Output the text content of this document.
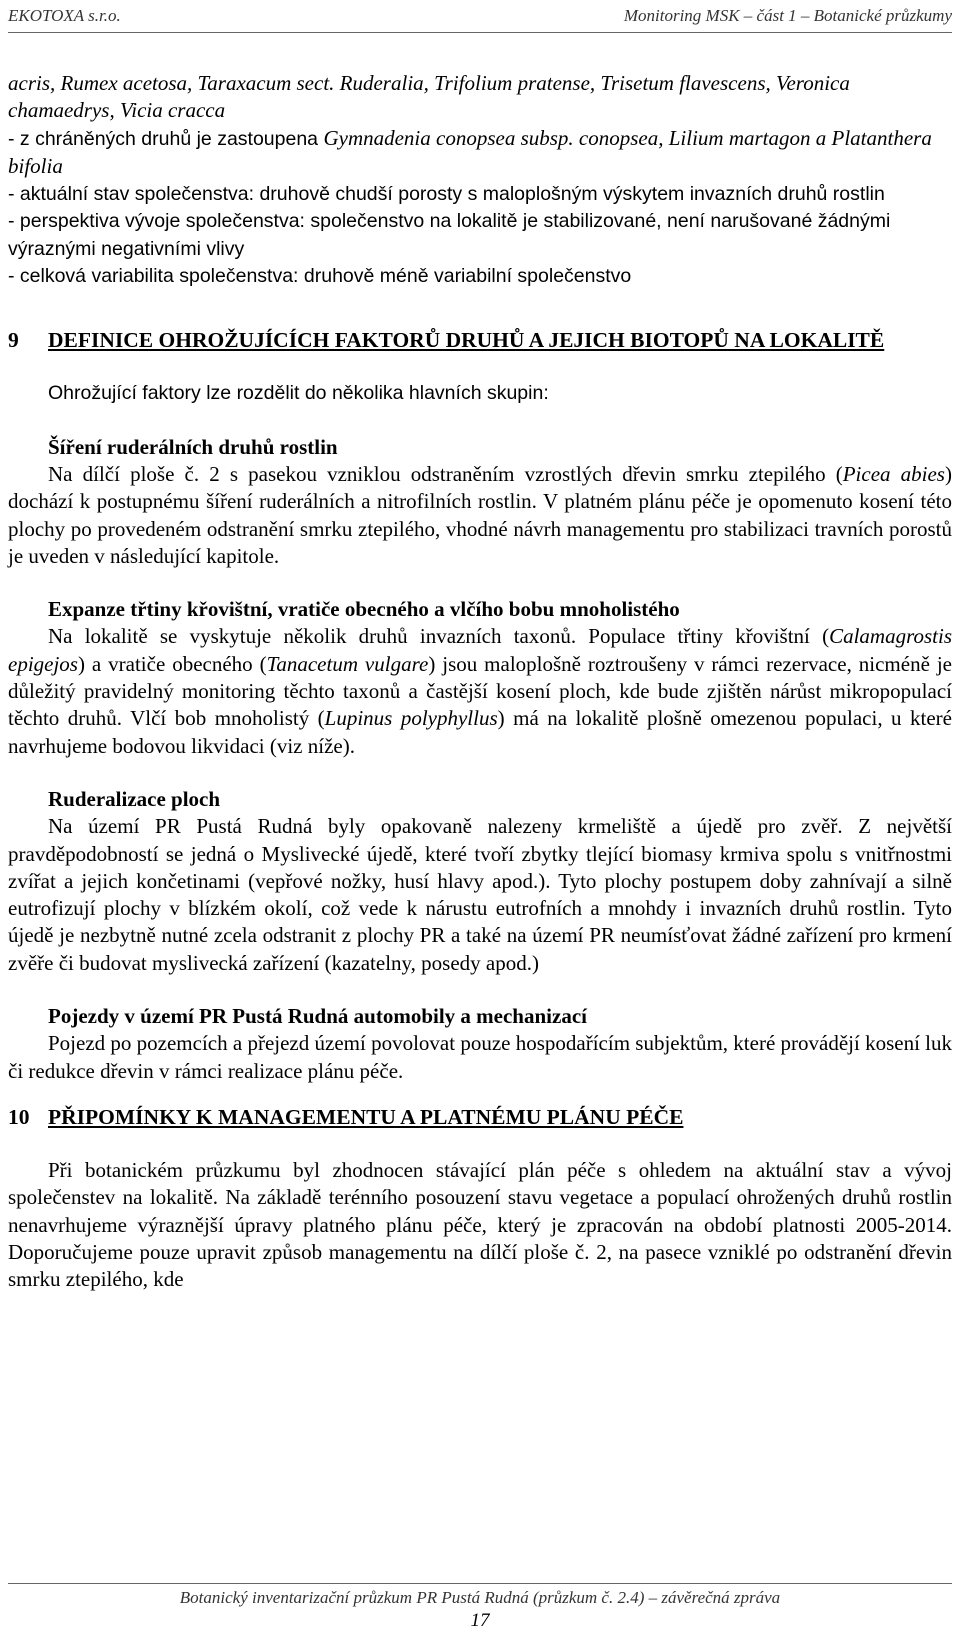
EKOTOXA s.r.o.	Monitoring MSK – část 1 – Botanické průzkumy

acris, Rumex acetosa, Taraxacum sect. Ruderalia, Trifolium pratense, Trisetum flavescens, Veronica chamaedrys, Vicia cracca

- z chráněných druhů je zastoupena Gymnadenia conopsea subsp. conopsea, Lilium martagon a Platanthera bifolia

- aktuální stav společenstva: druhově chudší porosty s maloplošným výskytem invazních druhů rostlin

- perspektiva vývoje společenstva: společenstvo na lokalitě je stabilizované, není narušované žádnými výraznými negativními vlivy

- celková variabilita společenstva: druhově méně variabilní společenstvo

9	DEFINICE OHROŽUJÍCÍCH FAKTORŮ DRUHŮ A JEJICH BIOTOPŮ NA LOKALITĚ

Ohrožující faktory lze rozdělit do několika hlavních skupin:

Šíření ruderálních druhů rostlin

Na dílčí ploše č. 2 s pasekou vzniklou odstraněním vzrostlých dřevin smrku ztepilého (Picea abies) dochází k postupnému šíření ruderálních a nitrofilních rostlin. V platném plánu péče je opomenuto kosení této plochy po provedeném odstranění smrku ztepilého, vhodné návrh managementu pro stabilizaci travních porostů je uveden v následující kapitole.

Expanze třtiny křovištní, vratiče obecného a vlčího bobu mnoholistého

Na lokalitě se vyskytuje několik druhů invazních taxonů. Populace třtiny křovištní (Calamagrostis epigejos) a vratiče obecného (Tanacetum vulgare) jsou maloplošně roztroušeny v rámci rezervace, nicméně je důležitý pravidelný monitoring těchto taxonů a častější kosení ploch, kde bude zjištěn nárůst mikropopulací těchto druhů. Vlčí bob mnoholistý (Lupinus polyphyllus) má na lokalitě plošně omezenou populaci, u které navrhujeme bodovou likvidaci (viz níže).

Ruderalizace ploch

Na území PR Pustá Rudná byly opakovaně nalezeny krmeliště a újedě pro zvěř. Z největší pravděpodobností se jedná o Myslivecké újedě, které tvoří zbytky tlející biomasy krmiva spolu s vnitřnostmi zvířat a jejich končetinami (vepřové nožky, husí hlavy apod.). Tyto plochy postupem doby zahnívají a silně eutrofizují plochy v blízkém okolí, což vede k nárustu eutrofních a mnohdy i invazních druhů rostlin. Tyto újedě je nezbytně nutné zcela odstranit z plochy PR a také na území PR neumísťovat žádné zařízení pro krmení zvěře či budovat myslivecká zařízení (kazatelny, posedy apod.)

Pojezdy v území PR Pustá Rudná automobily a mechanizací

Pojezd po pozemcích a přejezd území povolovat pouze hospodařícím subjektům, které provádějí kosení luk či redukce dřevin v rámci realizace plánu péče.

10 PŘIPOMÍNKY K MANAGEMENTU A PLATNÉMU PLÁNU PÉČE

Při botanickém průzkumu byl zhodnocen stávající plán péče s ohledem na aktuální stav a vývoj společenstev na lokalitě. Na základě terénního posouzení stavu vegetace a populací ohrožených druhů rostlin nenavrhujeme výraznější úpravy platného plánu péče, který je zpracován na období platnosti 2005-2014. Doporučujeme pouze upravit způsob managementu na dílčí ploše č. 2, na pasece vzniklé po odstranění dřevin smrku ztepilého, kde

Botanický inventarizační průzkum PR Pustá Rudná (průzkum č. 2.4) – závěrečná zpráva
17
